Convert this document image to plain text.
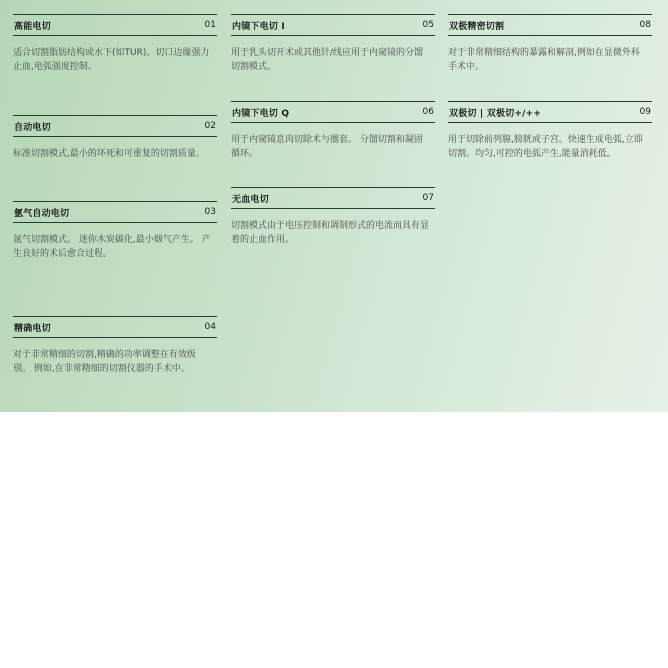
高能电切	01
适合切割脂肪结构或水下(如TUR)。切口边缘强力止血,电弧强度控制。
自动电切	02
标准切割模式,最小的坏死和可重复的切割质量。
氩气自动电切	03
氩气切割模式。 迷你木炭碳化,最小烟气产生。 产生良好的术后愈合过程。
精确电切	04
对于非常精细的切割,精确的功率调整在有效级别。 例如,在非常精细的切割仪器的手术中。
内镜下电切 I	05
用于乳头切开术或其他针/线应用于内窥镜的分馏切割模式。
内镜下电切 Q	06
用于内窥镜息肉切除术与圈套。 分馏切割和凝固循环。
无血电切	07
切割模式由于电压控制和调制形式的电流而具有显着的止血作用。
双极精密切割	08
对于非常精细结构的暴露和解剖,例如在显微外科手术中。
双极切 | 双极切+/++	09
用于切除前列腺,膀胱或子宫。快速生成电弧,立即切割。均匀,可控的电弧产生,能量消耗低。
